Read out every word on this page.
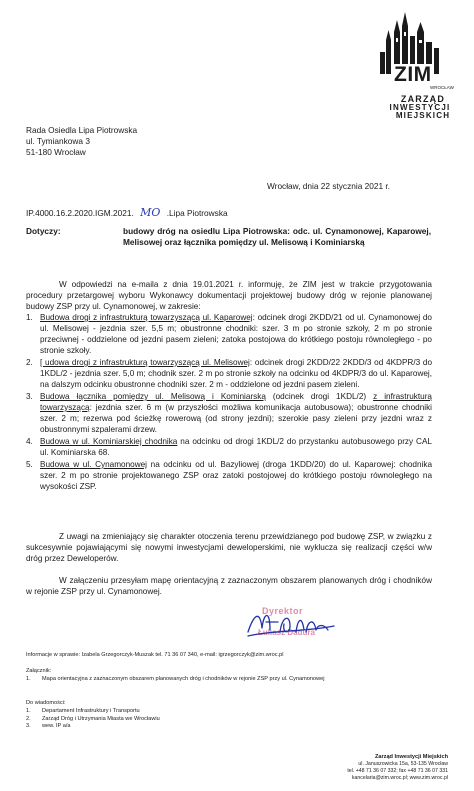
ZIM
WROCŁAW
ZARZĄD
INWESTYCJI
MIEJSKICH
Rada Osiedla Lipa Piotrowska
ul. Tymiankowa 3
51-180 Wrocław
Wrocław, dnia 22 stycznia 2021 r.
IP.4000.16.2.2020.IGM.2021. MO .Lipa Piotrowska
Dotyczy:	budowy dróg na osiedlu Lipa Piotrowska: odc. ul. Cynamonowej, Kaparowej, Melisowej oraz łącznika pomiędzy ul. Melisową i Kominiarską
W odpowiedzi na e-maila z dnia 19.01.2021 r. informuję, że ZIM jest w trakcie przygotowania procedury przetargowej wyboru Wykonawcy dokumentacji projektowej budowy dróg w rejonie planowanej budowy ZSP przy ul. Cynamonowej, w zakresie:
1. Budowa drogi z infrastrukturą towarzyszącą ul. Kaparowej: odcinek drogi 2KDD/21 od ul. Cynamonowej do ul. Melisowej - jezdnia szer. 5,5 m; obustronne chodniki: szer. 3 m po stronie szkoły, 2 m po stronie przeciwnej - oddzielone od jezdni pasem zieleni; zatoka postojowa do krótkiego postoju równoległego - po stronie szkoły.
2. [ udowa drogi z infrastrukturą towarzyszącą ul. Melisowej: odcinek drogi 2KDD/22 2KDD/3 od 4KDPR/3 do 1KDL/2 - jezdnia szer. 5,0 m; chodnik szer. 2 m po stronie szkoły na odcinku od 4KDPR/3 do ul. Kaparowej, na dalszym odcinku obustronne chodniki szer. 2 m - oddzielone od jezdni pasem zieleni.
3. Budowa łącznika pomiędzy ul. Melisową i Kominiarską (odcinek drogi 1KDL/2) z infrastrukturą towarzyszącą: jezdnia szer. 6 m (w przyszłości możliwa komunikacja autobusowa); obustronne chodniki szer. 2 m; rezerwa pod ścieżkę rowerową (od strony jezdni); szerokie pasy zieleni przy jezdni wraz z obustronnymi szpalerami drzew.
4. Budowa w ul. Kominiarskiej chodnika na odcinku od drogi 1KDL/2 do przystanku autobusowego przy CAL ul. Kominiarska 68.
5. Budowa w ul. Cynamonowej na odcinku od ul. Bazyliowej (droga 1KDD/20) do ul. Kaparowej: chodnika szer. 2 m po stronie projektowanego ZSP oraz zatoki postojowej do krótkiego postoju równoległego na wysokości ZSP.
Z uwagi na zmieniający się charakter otoczenia terenu przewidzianego pod budowę ZSP, w związku z sukcesywnie pojawiającymi się nowymi inwestycjami deweloperskimi, nie wyklucza się realizacji części w/w dróg przez Deweloperów.
W załączeniu przesyłam mapę orientacyjną z zaznaczonym obszarem planowanych dróg i chodników w rejonie ZSP przy ul. Cynamonowej.
Dyrektor
Łukasz Dadura
Informacje w sprawie: Izabela Grzegorczyk-Muszak tel. 71 36 07 340, e-mail: igrzegorczyk@zim.wroc.pl
Załącznik:
1. Mapa orientacyjna z zaznaczonym obszarem planowanych dróg i chodników w rejonie ZSP przy ul. Cynamonowej
Do wiadomości:
1. Departament Infrastruktury i Transportu
2. Zarząd Dróg i Utrzymania Miasta we Wrocławiu
3. wew. IP a/a
Zarząd Inwestycji Miejskich
ul. Januszowicka 15a, 53-135 Wrocław
tel. +48 71 36 07 332; fax +48 71 36 07 331
kancelaria@zim.wroc.pl; www.zim.wroc.pl
